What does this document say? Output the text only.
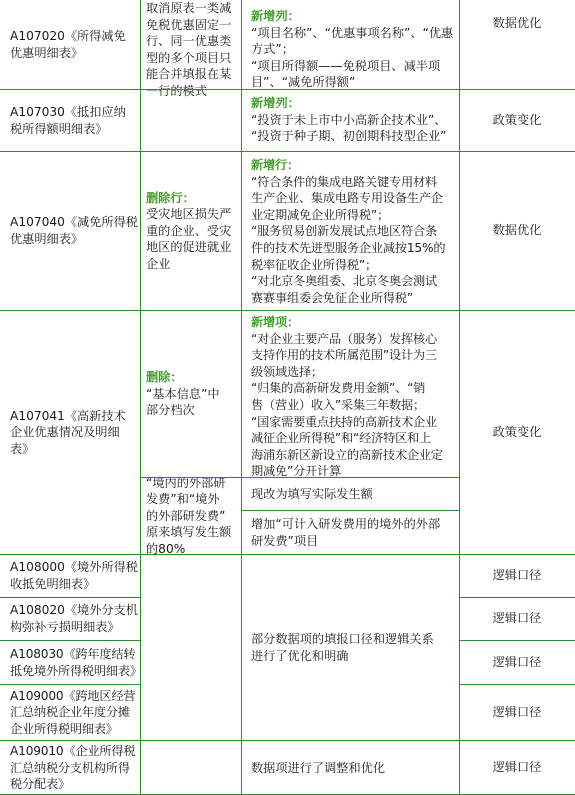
A107020《所得减免
优惠明细表》
取消原表一类减
免税优惠固定一
行、同一优惠类
型的多个项目只
能合并填报在某
一行的模式
新增列：
“项目名称”、“优惠事项名称”、“优惠
方式”；
“项目所得额——免税项目、减半项
目”、“减免所得额”
数据优化
A107030《抵扣应纳
税所得额明细表》
新增列：
“投资于未上市中小高新企技术业”、
“投资于种子期、初创期科技型企业”
政策变化
A107040《减免所得税
优惠明细表》
删除行：
受灾地区损失严
重的企业、受灾
地区的促进就业
企业
新增行：
“符合条件的集成电路关键专用材料
生产企业、集成电路专用设备生产企
业定期减免企业所得税”；
“服务贸易创新发展试点地区符合条
件的技术先进型服务企业减按15%的
税率征收企业所得税”；
“对北京冬奥组委、北京冬奥会测试
赛赛事组委会免征企业所得税”
数据优化
A107041《高新技术
企业优惠情况及明细
表》
删除：
“基本信息”中
部分档次
新增项：
“对企业主要产品（服务）发挥核心
支持作用的技术所属范围”设计为三
级领域选择；
“归集的高新研发费用金额”、“销
售（营业）收入”采集三年数据；
“国家需要重点扶持的高新技术企业
减征企业所得税”和“经济特区和上
海浦东新区新设立的高新技术企业定
期减免”分开计算
政策变化
“境内的外部研
发费”和“境外
的外部研发费”
原来填写发生额
的80%
现改为填写实际发生额
增加“可计入研发费用的境外的外部
研发费”项目
A108000《境外所得税
收抵免明细表》
逻辑口径
A108020《境外分支机
构弥补亏损明细表》
逻辑口径
A108030《跨年度结转
抵免境外所得税明细表》
逻辑口径
A109000《跨地区经营
汇总纳税企业年度分摊
企业所得税明细表》
逻辑口径
部分数据项的填报口径和逻辑关系
进行了优化和明确
A109010《企业所得税
汇总纳税分支机构所得
税分配表》
数据项进行了调整和优化	逻辑口径
